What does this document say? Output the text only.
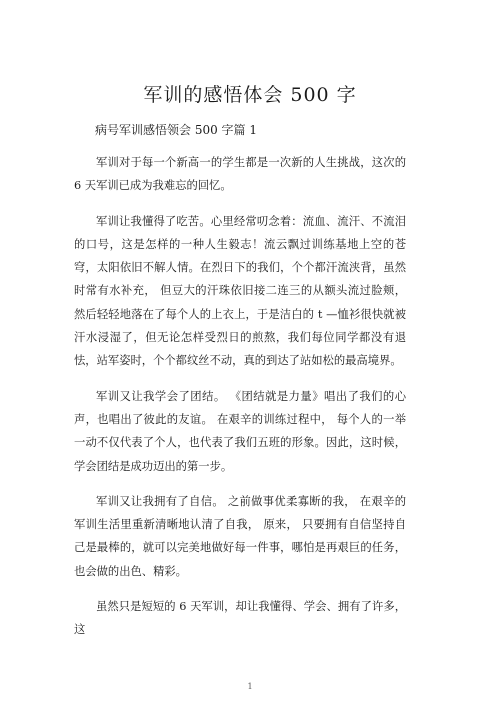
军训的感悟体会 500 字

病号军训感悟领会 500 字篇 1

军训对于每一个新高一的学生都是一次新的人生挑战，这次的 6 天军训已成为我难忘的回忆。

军训让我懂得了吃苦。心里经常叨念着：流血、流汗、不流泪的口号，这是怎样的一种人生毅志！流云飘过训练基地上空的苍穹，太阳依旧不解人情。在烈日下的我们，个个都汗流浃背，虽然时常有水补充， 但豆大的汗珠依旧接二连三的从额头流过脸颊， 然后轻轻地落在了每个人的上衣上，于是洁白的 t —恤衫很快就被汗水浸湿了，但无论怎样受烈日的煎熬，我们每位同学都没有退怯，站军姿时，个个都纹丝不动，真的到达了站如松的最高境界。

军训又让我学会了团结。 《团结就是力量》唱出了我们的心声，也唱出了彼此的友谊。 在艰辛的训练过程中， 每个人的一举一动不仅代表了个人，也代表了我们五班的形象。因此，这时候，学会团结是成功迈出的第一步。

军训又让我拥有了自信。 之前做事优柔寡断的我， 在艰辛的军训生活里重新清晰地认清了自我， 原来， 只要拥有自信坚持自己是最棒的，就可以完美地做好每一件事，哪怕是再艰巨的任务，也会做的出色、精彩。

虽然只是短短的 6 天军训，却让我懂得、学会、拥有了许多，这

1
